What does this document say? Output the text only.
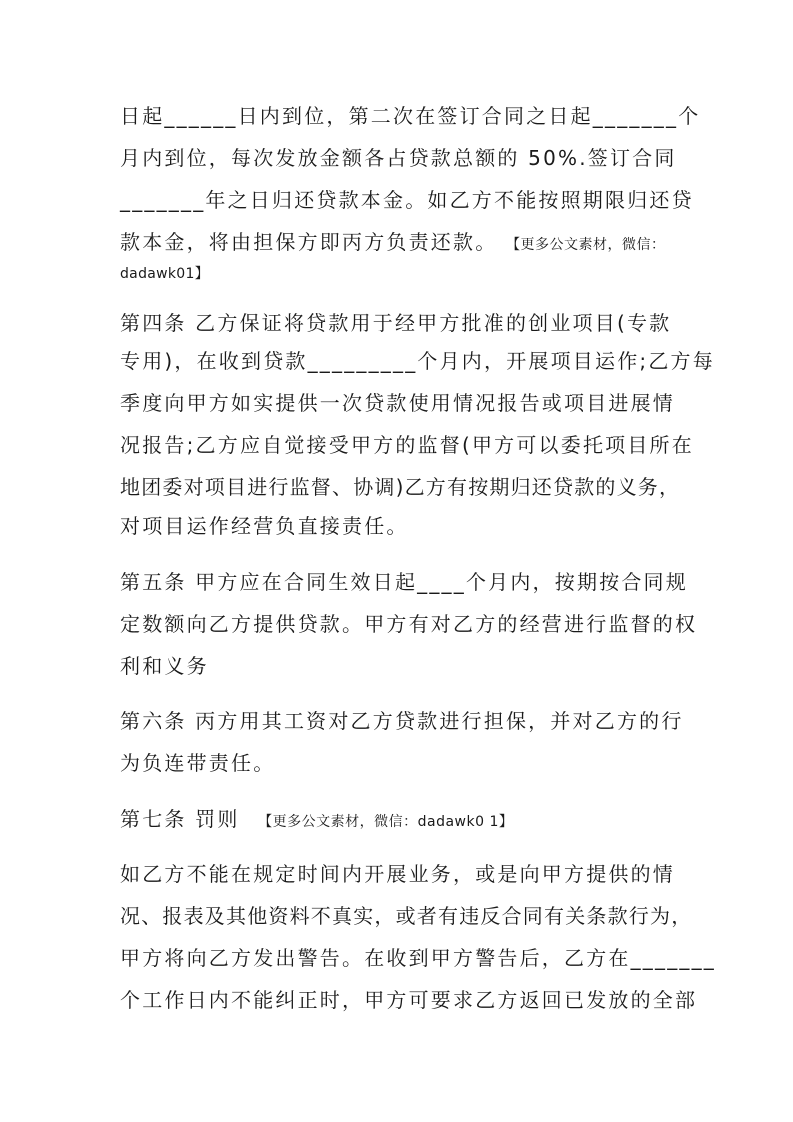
日起______日内到位，第二次在签订合同之日起_______个
月内到位，每次发放金额各占贷款总额的 50%.签订合同
_______年之日归还贷款本金。如乙方不能按照期限归还贷
款本金，将由担保方即丙方负责还款。 【更多公文素材，微信：
dadawk01】
第四条 乙方保证将贷款用于经甲方批准的创业项目(专款
专用)，在收到贷款_________个月内，开展项目运作;乙方每
季度向甲方如实提供一次贷款使用情况报告或项目进展情
况报告;乙方应自觉接受甲方的监督(甲方可以委托项目所在
地团委对项目进行监督、协调)乙方有按期归还贷款的义务，
对项目运作经营负直接责任。
第五条 甲方应在合同生效日起____个月内，按期按合同规
定数额向乙方提供贷款。甲方有对乙方的经营进行监督的权
利和义务
第六条 丙方用其工资对乙方贷款进行担保，并对乙方的行
为负连带责任。
第七条 罚则 【更多公文素材，微信：dadawk0 1】
如乙方不能在规定时间内开展业务，或是向甲方提供的情
况、报表及其他资料不真实，或者有违反合同有关条款行为，
甲方将向乙方发出警告。在收到甲方警告后，乙方在_______
个工作日内不能纠正时，甲方可要求乙方返回已发放的全部
